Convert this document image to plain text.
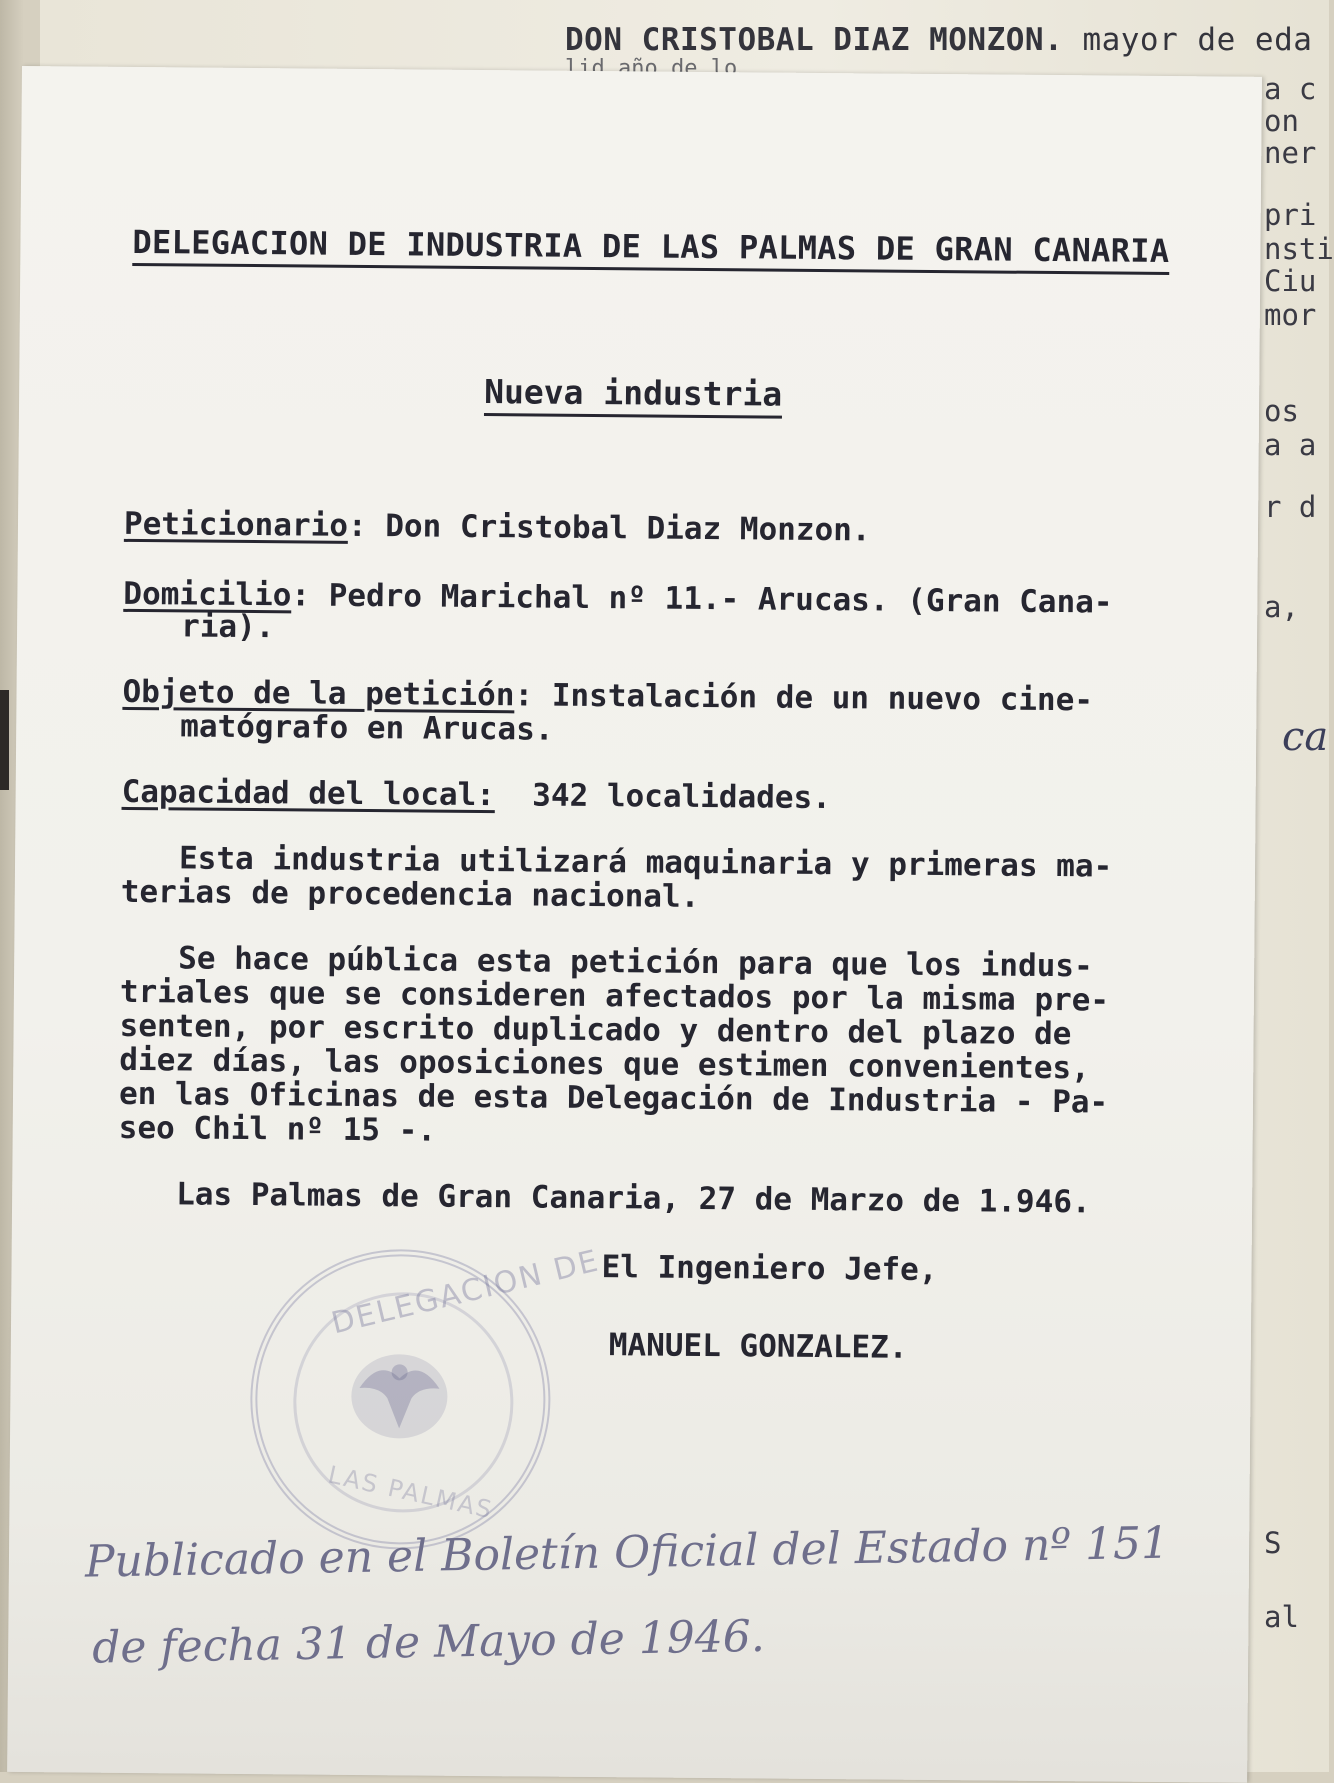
DON CRISTOBAL DIAZ MONZON. mayor de eda
a c
on
ner
pri
nsti
Ciu
mor
os
a a
r d
a,
S
al
ca
DELEGACION DE INDUSTRIA DE LAS PALMAS DE GRAN CANARIA
Nueva industria
Peticionario: Don Cristobal Diaz Monzon.
Domicilio: Pedro Marichal nº 11.- Arucas. (Gran Cana-
ria).
Objeto de la petición: Instalación de un nuevo cine-
matógrafo en Arucas.
Capacidad del local: 342 localidades.
Esta industria utilizará maquinaria y primeras ma-
terias de procedencia nacional.
Se hace pública esta petición para que los indus-
triales que se consideren afectados por la misma pre-
senten, por escrito duplicado y dentro del plazo de
diez días, las oposiciones que estimen convenientes,
en las Oficinas de esta Delegación de Industria - Pa-
seo Chil nº 15 -.
Las Palmas de Gran Canaria, 27 de Marzo de 1.946.
El Ingeniero Jefe,
MANUEL GONZALEZ.
DELEGACION DE
LAS PALMAS
Publicado en el Boletín Oficial del Estado nº 151
de fecha 31 de Mayo de 1946.
